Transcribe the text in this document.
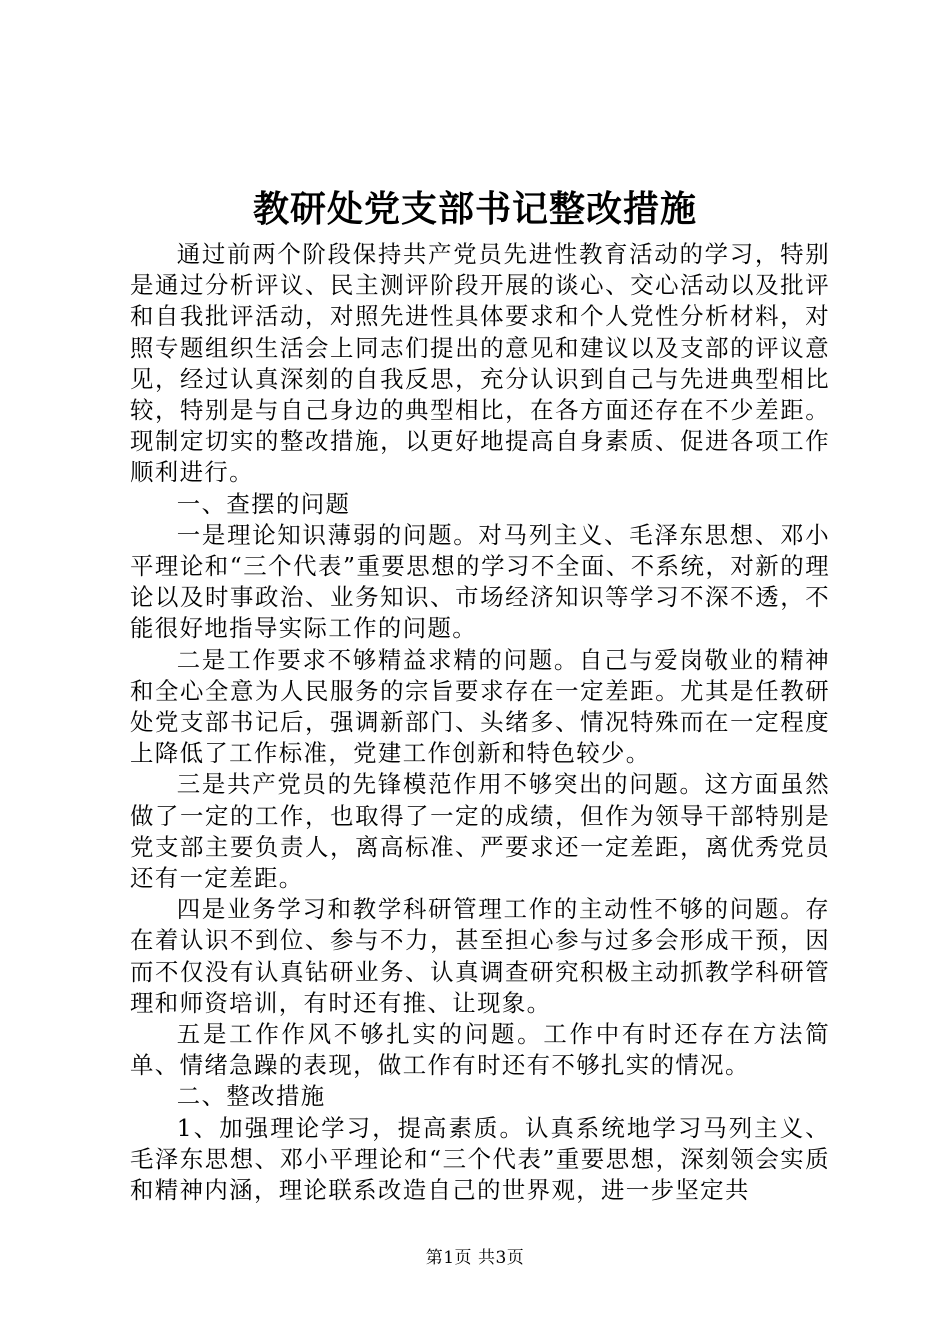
教研处党支部书记整改措施

通过前两个阶段保持共产党员先进性教育活动的学习，特别是通过分析评议、民主测评阶段开展的谈心、交心活动以及批评和自我批评活动，对照先进性具体要求和个人党性分析材料，对照专题组织生活会上同志们提出的意见和建议以及支部的评议意见，经过认真深刻的自我反思，充分认识到自己与先进典型相比较，特别是与自己身边的典型相比，在各方面还存在不少差距。现制定切实的整改措施，以更好地提高自身素质、促进各项工作顺利进行。

一、查摆的问题

一是理论知识薄弱的问题。对马列主义、毛泽东思想、邓小平理论和“三个代表”重要思想的学习不全面、不系统，对新的理论以及时事政治、业务知识、市场经济知识等学习不深不透，不能很好地指导实际工作的问题。

二是工作要求不够精益求精的问题。自己与爱岗敬业的精神和全心全意为人民服务的宗旨要求存在一定差距。尤其是任教研处党支部书记后，强调新部门、头绪多、情况特殊而在一定程度上降低了工作标准，党建工作创新和特色较少。

三是共产党员的先锋模范作用不够突出的问题。这方面虽然做了一定的工作，也取得了一定的成绩，但作为领导干部特别是党支部主要负责人，离高标准、严要求还一定差距，离优秀党员还有一定差距。

四是业务学习和教学科研管理工作的主动性不够的问题。存在着认识不到位、参与不力，甚至担心参与过多会形成干预，因而不仅没有认真钻研业务、认真调查研究积极主动抓教学科研管理和师资培训，有时还有推、让现象。

五是工作作风不够扎实的问题。工作中有时还存在方法简单、情绪急躁的表现，做工作有时还有不够扎实的情况。

二、整改措施

1、加强理论学习，提高素质。认真系统地学习马列主义、毛泽东思想、邓小平理论和“三个代表”重要思想，深刻领会实质和精神内涵，理论联系改造自己的世界观，进一步坚定共

第1页 共3页
